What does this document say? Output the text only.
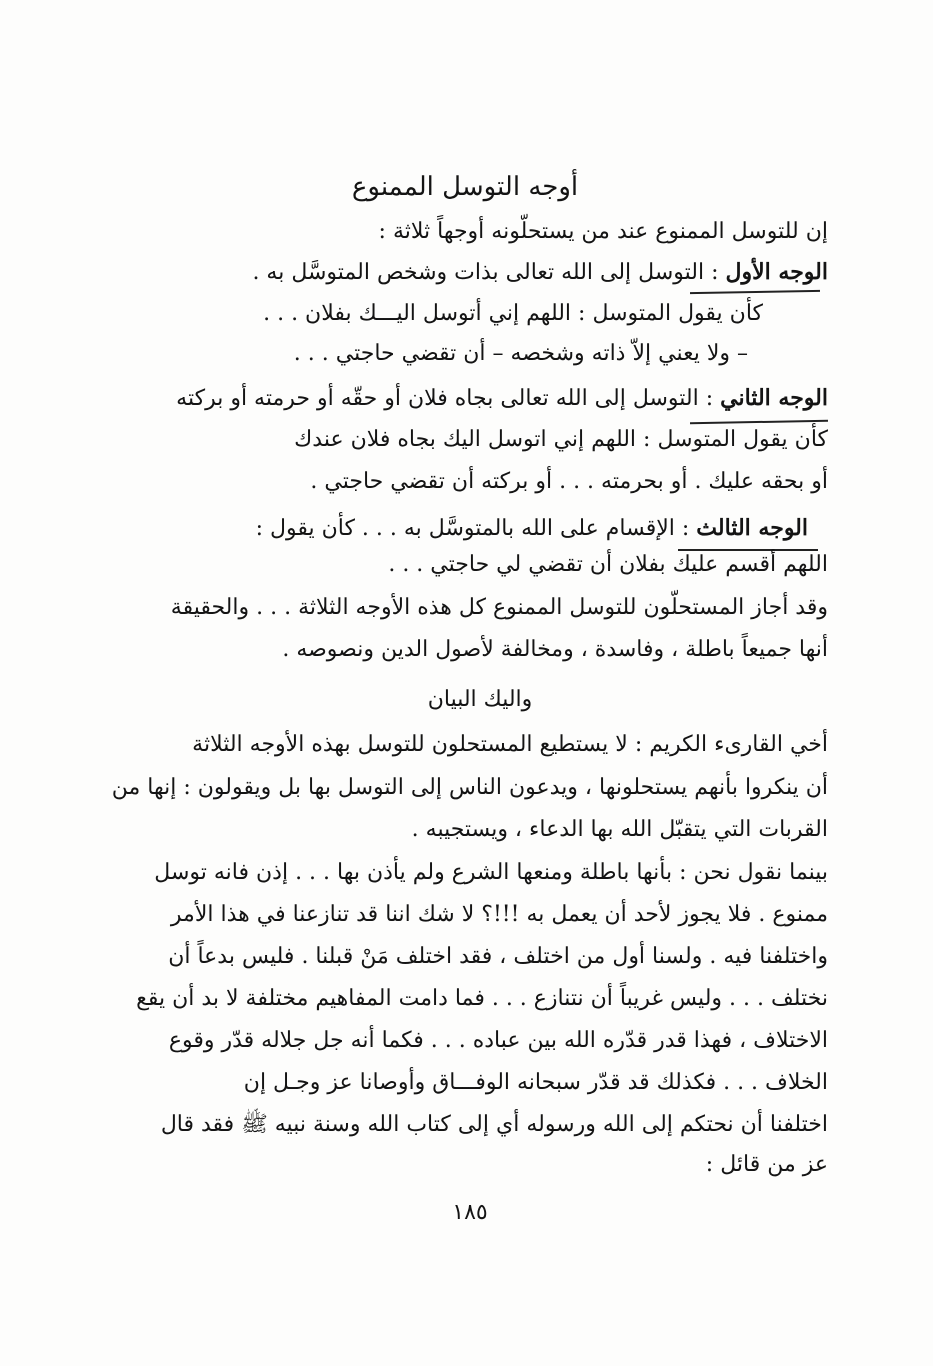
أوجه التوسل الممنوع
إن للتوسل الممنوع عند من يستحلّونه أوجهاً ثلاثة :
الوجه الأول : التوسل إلى الله تعالى بذات وشخص المتوسَّل به .
كأن يقول المتوسل : اللهم إني أتوسل اليـــك بفلان . . .
– ولا يعني إلاّ ذاته وشخصه – أن تقضي حاجتي . . .
الوجه الثاني : التوسل إلى الله تعالى بجاه فلان أو حقّه أو حرمته أو بركته
كأن يقول المتوسل : اللهم إني اتوسل اليك بجاه فلان عندك
أو بحقه عليك . أو بحرمته . . . أو بركته أن تقضي حاجتي .
الوجه الثالث : الإقسام على الله بالمتوسَّل به . . . كأن يقول :
اللهم أقسم عليك بفلان أن تقضي لي حاجتي . . .
وقد أجاز المستحلّون للتوسل الممنوع كل هذه الأوجه الثلاثة . . . والحقيقة
أنها جميعاً باطلة ، وفاسدة ، ومخالفة لأصول الدين ونصوصه .
واليك البيان
أخي القارىء الكريم : لا يستطيع المستحلون للتوسل بهذه الأوجه الثلاثة
أن ينكروا بأنهم يستحلونها ، ويدعون الناس إلى التوسل بها بل ويقولون : إنها من
القربات التي يتقبّل الله بها الدعاء ، ويستجيبه .
بينما نقول نحن : بأنها باطلة ومنعها الشرع ولم يأذن بها . . . إذن فانه توسل
ممنوع . فلا يجوز لأحد أن يعمل به !!!؟ لا شك اننا قد تنازعنا في هذا الأمر
واختلفنا فيه . ولسنا أول من اختلف ، فقد اختلف مَنْ قبلنا . فليس بدعاً أن
نختلف . . . وليس غريباً أن نتنازع . . . فما دامت المفاهيم مختلفة لا بد أن يقع
الاختلاف ، فهذا قدر قدّره الله بين عباده . . . فكما أنه جل جلاله قدّر وقوع
الخلاف . . . فكذلك قد قدّر سبحانه الوفـــاق وأوصانا عز وجـل إن
اختلفنا أن نحتكم إلى الله ورسوله أي إلى كتاب الله وسنة نبيه ﷺ فقد قال
عز من قائل :
١٨٥
